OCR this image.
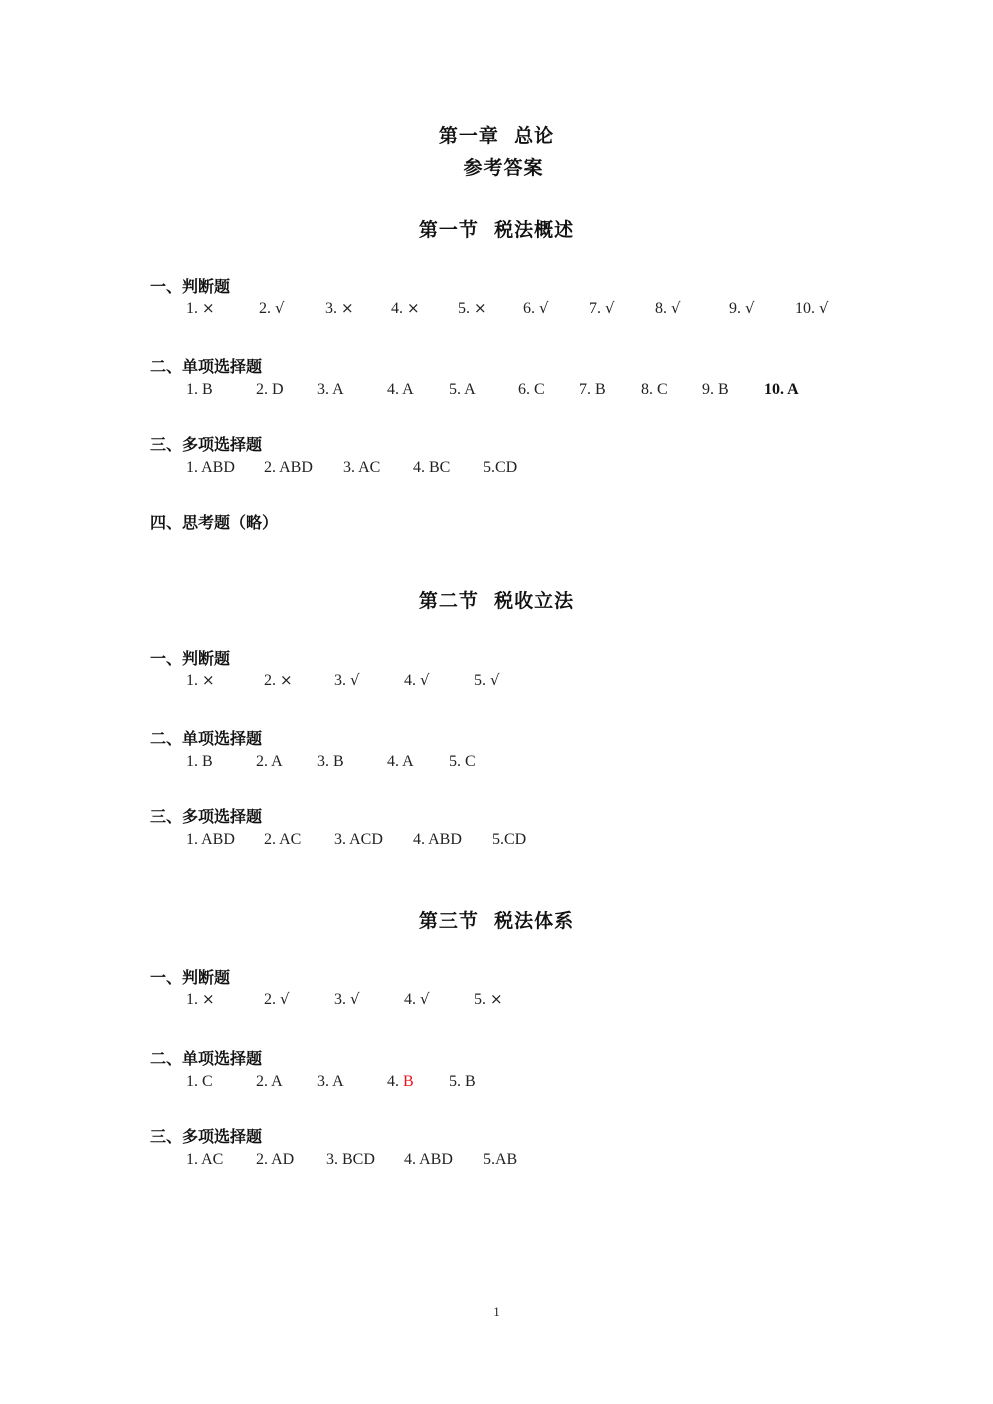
第一章  总论
参考答案
第一节  税法概述
一、判断题
1. ×	2. √	3. × 4. × 5. × 6. √	7. √	8. √	9. √	10. √
二、单项选择题
1. B	2. D 3. A	4. A 5. A	6. C 7. B 8. C 9. B 10. A
三、多项选择题
1. ABD 2. ABD 3. AC 4. BC 5.CD
四、思考题（略）
第二节  税收立法
一、判断题
1. ×	2. ×	3. √	4. √	5. √
二、单项选择题
1. B	2. A 3. B	4. A 5. C
三、多项选择题
1. ABD 2. AC 3. ACD 4. ABD 5.CD
第三节  税法体系
一、判断题
1. ×	2. √	3. √	4. √	5. ×
二、单项选择题
1. C	2. A 3. A	4. B 5. B
三、多项选择题
1. AC 2. AD 3. BCD 4. ABD 5.AB
1
